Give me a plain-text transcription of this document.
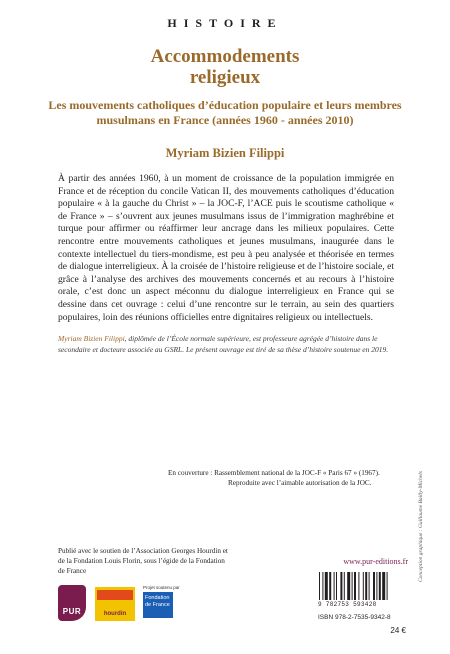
HISTOIRE
Accommodements
religieux
Les mouvements catholiques d’éducation populaire et leurs membres musulmans en France (années 1960 - années 2010)
Myriam Bizien Filippi
À partir des années 1960, à un moment de croissance de la population immigrée en France et de réception du concile Vatican II, des mouvements catholiques d’éducation populaire « à la gauche du Christ » – la JOC-F, l’ACE puis le scoutisme catholique « de France » – s’ouvrent aux jeunes musulmans issus de l’immigration maghrébine et turque pour affirmer ou réaffirmer leur ancrage dans les milieux populaires. Cette rencontre entre mouvements catholiques et jeunes musulmans, inaugurée dans le contexte intellectuel du tiers-mondisme, est peu à peu analysée et théorisée en termes de dialogue interreligieux. À la croisée de l’histoire religieuse et de l’histoire sociale, et grâce à l’analyse des archives des mouvements concernés et au recours à l’histoire orale, c’est donc un aspect méconnu du dialogue interreligieux en France qui se dessine dans cet ouvrage : celui d’une rencontre sur le terrain, au sein des quartiers populaires, loin des réunions officielles entre dignitaires religieux ou intellectuels.
Myriam Bizien Filippi, diplômée de l’École normale supérieure, est professeure agrégée d’histoire dans le secondaire et docteure associée au GSRL. Le présent ouvrage est tiré de sa thèse d’histoire soutenue en 2019.
En couverture : Rassemblement national de la JOC-F « Paris 67 » (1967).
Reproduite avec l’aimable autorisation de la JOC.	Conception graphique : Guillaume Bailly-Michels
Publié avec le soutien de l’Association Georges Hourdin et de la Fondation Louis Florin, sous l’égide de la Fondation de France
PUR	hourdin
Projet soutenu par
Fondation de France
www.pur-editions.fr
9 782753 593428
ISBN 978-2-7535-9342-8
24 €
